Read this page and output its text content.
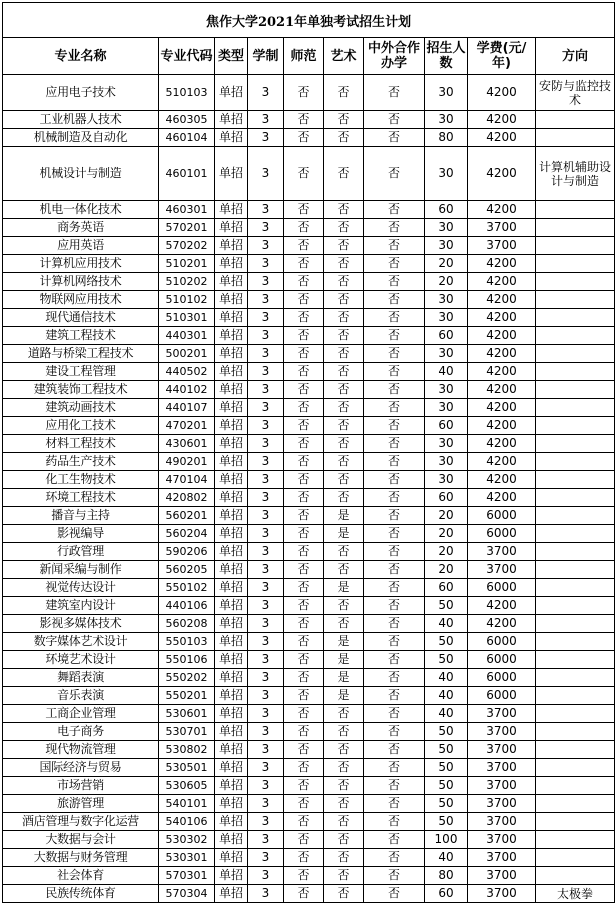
焦作大学2021年单独考试招生计划									
专业名称	专业代码	类型	学制	师范	艺术	中外合作办学	招生人数	学费(元/年)	方向
应用电子技术	510103	单招	3	否	否	否	30	4200	安防与监控技术
工业机器人技术	460305	单招	3	否	否	否	30	4200	
机械制造及自动化	460104	单招	3	否	否	否	80	4200	
机械设计与制造	460101	单招	3	否	否	否	30	4200	计算机辅助设计与制造
机电一体化技术	460301	单招	3	否	否	否	60	4200	
商务英语	570201	单招	3	否	否	否	30	3700	
应用英语	570202	单招	3	否	否	否	30	3700	
计算机应用技术	510201	单招	3	否	否	否	20	4200	
计算机网络技术	510202	单招	3	否	否	否	20	4200	
物联网应用技术	510102	单招	3	否	否	否	30	4200	
现代通信技术	510301	单招	3	否	否	否	30	4200	
建筑工程技术	440301	单招	3	否	否	否	60	4200	
道路与桥梁工程技术	500201	单招	3	否	否	否	30	4200	
建设工程管理	440502	单招	3	否	否	否	40	4200	
建筑装饰工程技术	440102	单招	3	否	否	否	30	4200	
建筑动画技术	440107	单招	3	否	否	否	30	4200	
应用化工技术	470201	单招	3	否	否	否	60	4200	
材料工程技术	430601	单招	3	否	否	否	30	4200	
药品生产技术	490201	单招	3	否	否	否	30	4200	
化工生物技术	470104	单招	3	否	否	否	30	4200	
环境工程技术	420802	单招	3	否	否	否	60	4200	
播音与主持	560201	单招	3	否	是	否	20	6000	
影视编导	560204	单招	3	否	是	否	20	6000	
行政管理	590206	单招	3	否	否	否	20	3700	
新闻采编与制作	560205	单招	3	否	否	否	20	3700	
视觉传达设计	550102	单招	3	否	是	否	60	6000	
建筑室内设计	440106	单招	3	否	否	否	50	4200	
影视多媒体技术	560208	单招	3	否	否	否	40	4200	
数字媒体艺术设计	550103	单招	3	否	是	否	50	6000	
环境艺术设计	550106	单招	3	否	是	否	50	6000	
舞蹈表演	550202	单招	3	否	是	否	40	6000	
音乐表演	550201	单招	3	否	是	否	40	6000	
工商企业管理	530601	单招	3	否	否	否	40	3700	
电子商务	530701	单招	3	否	否	否	50	3700	
现代物流管理	530802	单招	3	否	否	否	50	3700	
国际经济与贸易	530501	单招	3	否	否	否	50	3700	
市场营销	530605	单招	3	否	否	否	50	3700	
旅游管理	540101	单招	3	否	否	否	50	3700	
酒店管理与数字化运营	540106	单招	3	否	否	否	50	3700	
大数据与会计	530302	单招	3	否	否	否	100	3700	
大数据与财务管理	530301	单招	3	否	否	否	40	3700	
社会体育	570301	单招	3	否	否	否	80	3700	
民族传统体育	570304	单招	3	否	否	否	60	3700	太极拳
